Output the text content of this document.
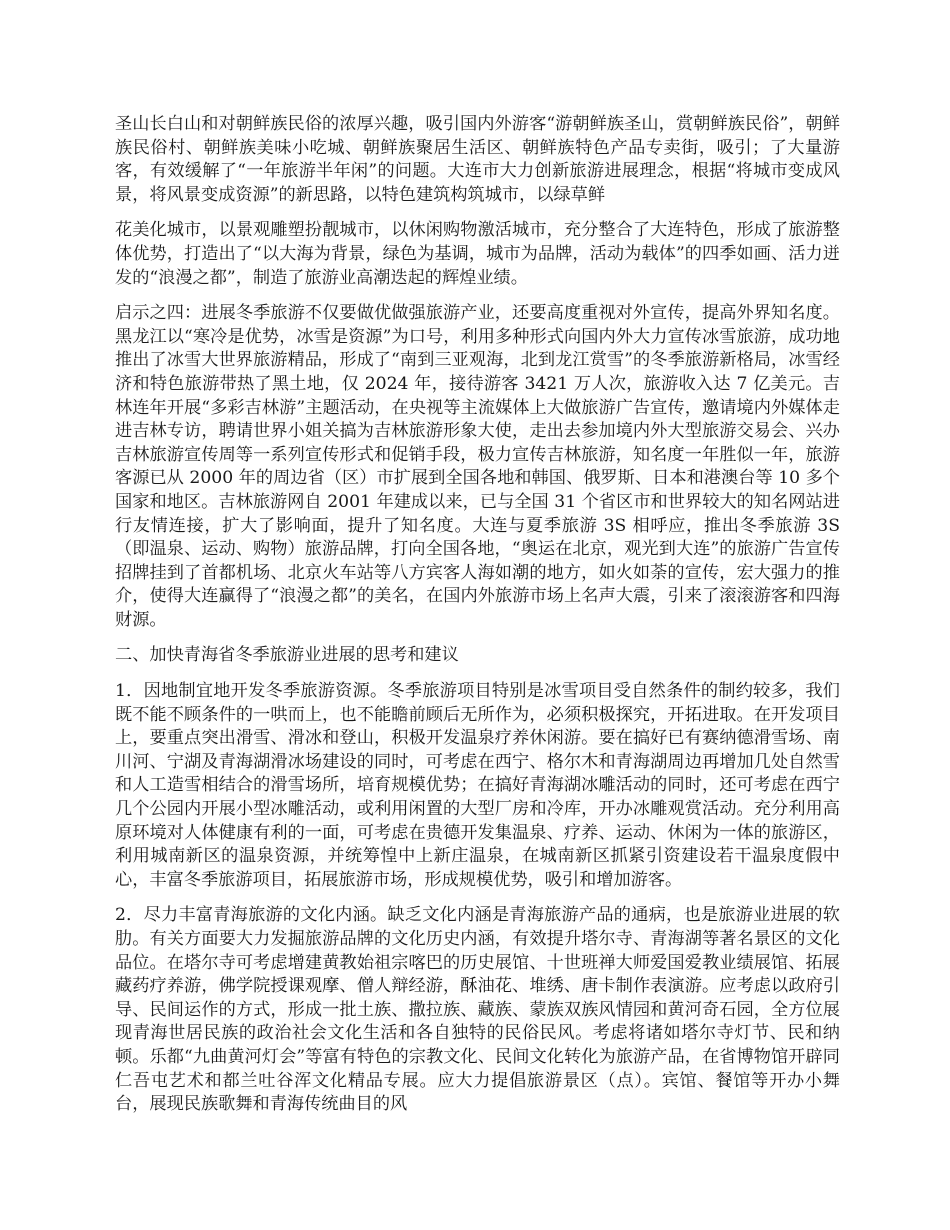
圣山长白山和对朝鲜族民俗的浓厚兴趣，吸引国内外游客“游朝鲜族圣山，赏朝鲜族民俗”，朝鲜族民俗村、朝鲜族美味小吃城、朝鲜族聚居生活区、朝鲜族特色产品专卖街，吸引；了大量游客，有效缓解了“一年旅游半年闲”的问题。大连市大力创新旅游进展理念，根据“将城市变成风景，将风景变成资源”的新思路，以特色建筑构筑城市，以绿草鲜

花美化城市，以景观雕塑扮靓城市，以休闲购物激活城市，充分整合了大连特色，形成了旅游整体优势，打造出了“以大海为背景，绿色为基调，城市为品牌，活动为载体”的四季如画、活力迸发的“浪漫之都”，制造了旅游业高潮迭起的辉煌业绩。

启示之四：进展冬季旅游不仅要做优做强旅游产业，还要高度重视对外宣传，提高外界知名度。黑龙江以“寒冷是优势，冰雪是资源”为口号，利用多种形式向国内外大力宣传冰雪旅游，成功地推出了冰雪大世界旅游精品，形成了“南到三亚观海，北到龙江赏雪”的冬季旅游新格局，冰雪经济和特色旅游带热了黑土地，仅 2024 年，接待游客 3421 万人次，旅游收入达 7 亿美元。吉林连年开展“多彩吉林游”主题活动，在央视等主流媒体上大做旅游广告宣传，邀请境内外媒体走进吉林专访，聘请世界小姐关搞为吉林旅游形象大使，走出去参加境内外大型旅游交易会、兴办吉林旅游宣传周等一系列宣传形式和促销手段，极力宣传吉林旅游，知名度一年胜似一年，旅游客源已从 2000 年的周边省（区）市扩展到全国各地和韩国、俄罗斯、日本和港澳台等 10 多个国家和地区。吉林旅游网自 2001 年建成以来，已与全国 31 个省区市和世界较大的知名网站进行友情连接，扩大了影响面，提升了知名度。大连与夏季旅游 3S 相呼应，推出冬季旅游 3S（即温泉、运动、购物）旅游品牌，打向全国各地，“奥运在北京，观光到大连”的旅游广告宣传招牌挂到了首都机场、北京火车站等八方宾客人海如潮的地方，如火如荼的宣传，宏大强力的推介，使得大连赢得了“浪漫之都”的美名，在国内外旅游市场上名声大震，引来了滚滚游客和四海财源。

二、加快青海省冬季旅游业进展的思考和建议

1．因地制宜地开发冬季旅游资源。冬季旅游项目特别是冰雪项目受自然条件的制约较多，我们既不能不顾条件的一哄而上，也不能瞻前顾后无所作为，必须积极探究，开拓进取。在开发项目上，要重点突出滑雪、滑冰和登山，积极开发温泉疗养休闲游。要在搞好已有赛纳德滑雪场、南川河、宁湖及青海湖滑冰场建设的同时，可考虑在西宁、格尔木和青海湖周边再增加几处自然雪和人工造雪相结合的滑雪场所，培育规模优势；在搞好青海湖冰雕活动的同时，还可考虑在西宁几个公园内开展小型冰雕活动，或利用闲置的大型厂房和冷库，开办冰雕观赏活动。充分利用高原环境对人体健康有利的一面，可考虑在贵德开发集温泉、疗养、运动、休闲为一体的旅游区，利用城南新区的温泉资源，并统筹惶中上新庄温泉，在城南新区抓紧引资建设若干温泉度假中心，丰富冬季旅游项目，拓展旅游市场，形成规模优势，吸引和增加游客。

2．尽力丰富青海旅游的文化内涵。缺乏文化内涵是青海旅游产品的通病，也是旅游业进展的软肋。有关方面要大力发掘旅游品牌的文化历史内涵，有效提升塔尔寺、青海湖等著名景区的文化品位。在塔尔寺可考虑增建黄教始祖宗喀巴的历史展馆、十世班禅大师爱国爱教业绩展馆、拓展藏药疗养游，佛学院授课观摩、僧人辩经游，酥油花、堆绣、唐卡制作表演游。应考虑以政府引导、民间运作的方式，形成一批土族、撒拉族、藏族、蒙族双族风情园和黄河奇石园，全方位展现青海世居民族的政治社会文化生活和各自独特的民俗民风。考虑将诸如塔尔寺灯节、民和纳顿。乐都“九曲黄河灯会”等富有特色的宗教文化、民间文化转化为旅游产品，在省博物馆开辟同仁吾屯艺术和都兰吐谷浑文化精品专展。应大力提倡旅游景区（点）。宾馆、餐馆等开办小舞台，展现民族歌舞和青海传统曲目的风
